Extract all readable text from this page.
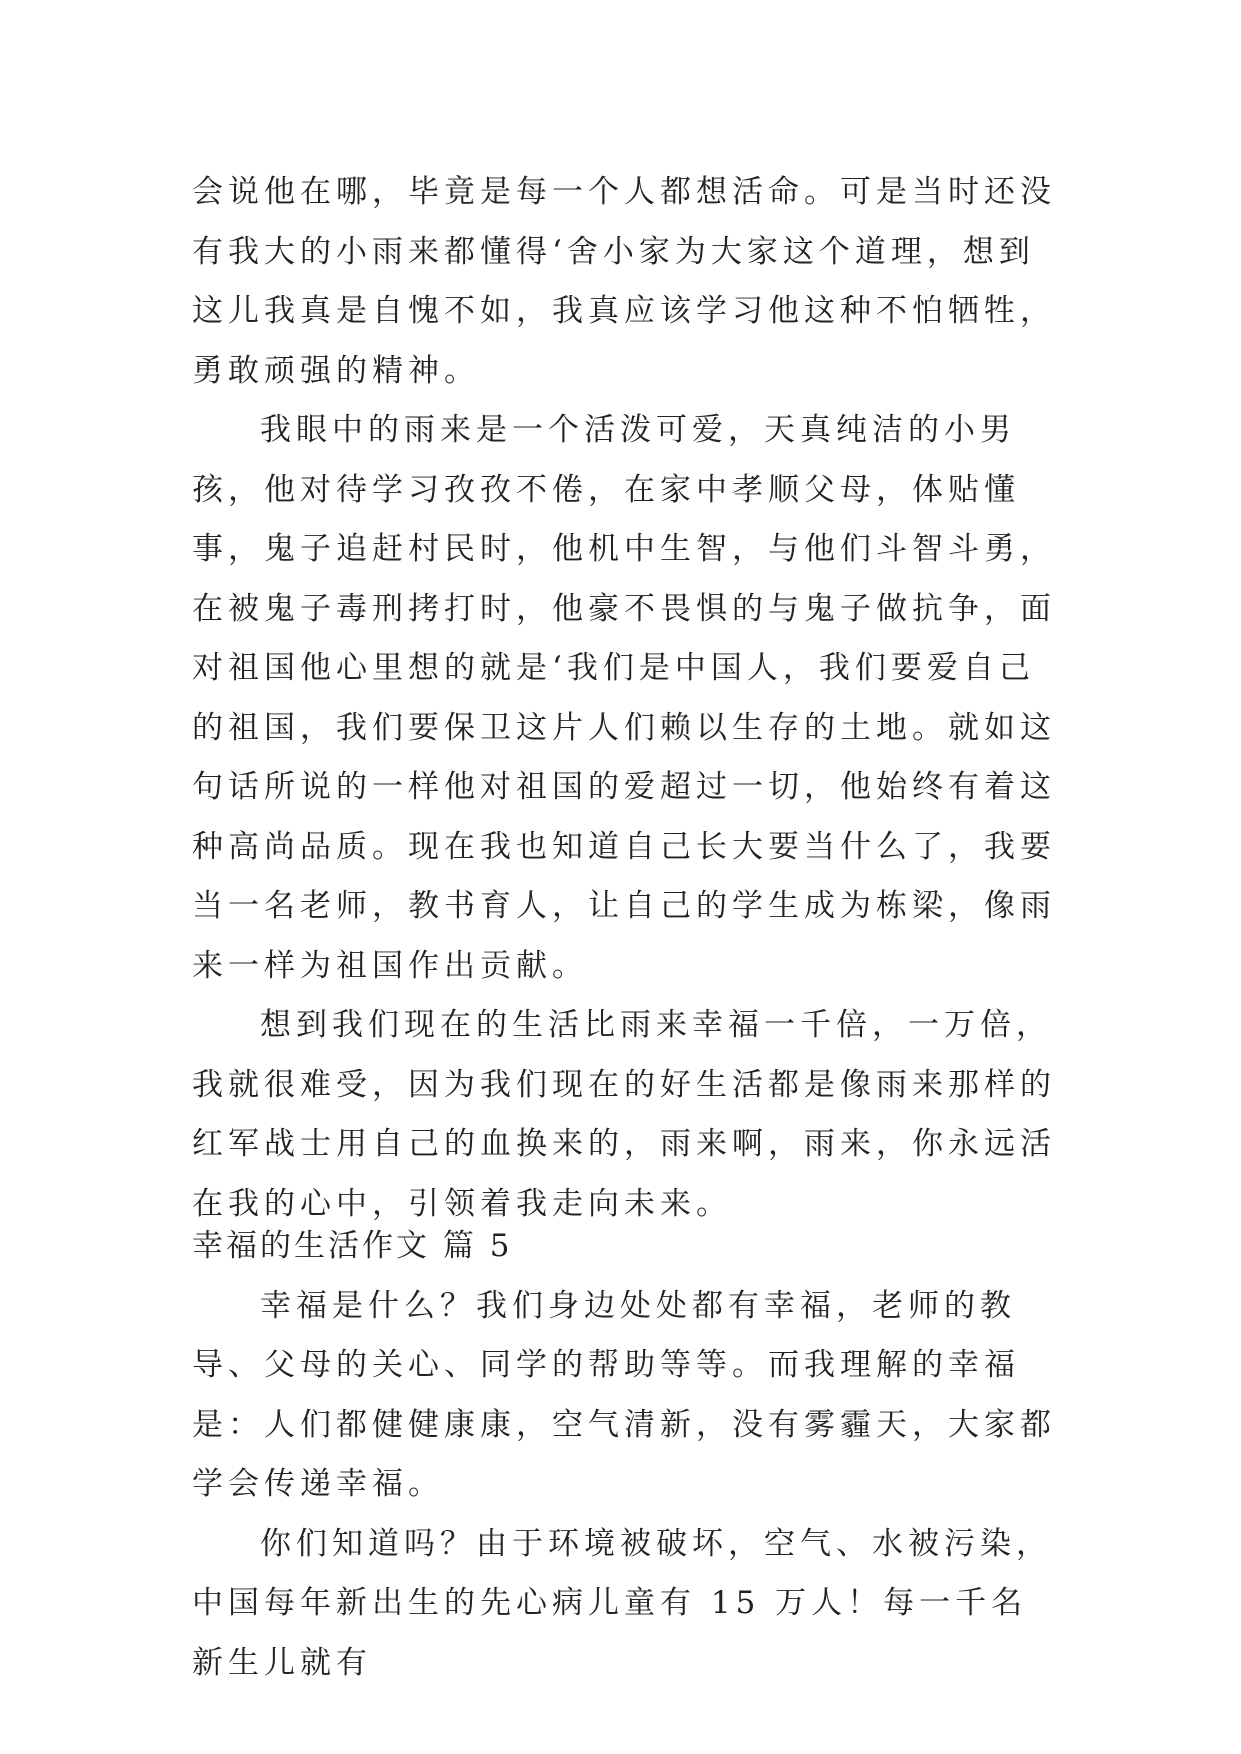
会说他在哪，毕竟是每一个人都想活命。可是当时还没有我大的小雨来都懂得‘舍小家为大家这个道理，想到这儿我真是自愧不如，我真应该学习他这种不怕牺牲，勇敢顽强的精神。

我眼中的雨来是一个活泼可爱，天真纯洁的小男孩，他对待学习孜孜不倦，在家中孝顺父母，体贴懂事，鬼子追赶村民时，他机中生智，与他们斗智斗勇，在被鬼子毒刑拷打时，他豪不畏惧的与鬼子做抗争，面对祖国他心里想的就是‘我们是中国人，我们要爱自己的祖国，我们要保卫这片人们赖以生存的土地。就如这句话所说的一样他对祖国的爱超过一切，他始终有着这种高尚品质。现在我也知道自己长大要当什么了，我要当一名老师，教书育人，让自己的学生成为栋梁，像雨来一样为祖国作出贡献。

想到我们现在的生活比雨来幸福一千倍，一万倍，我就很难受，因为我们现在的好生活都是像雨来那样的红军战士用自己的血换来的，雨来啊，雨来，你永远活在我的心中，引领着我走向未来。

幸福的生活作文 篇 5

幸福是什么？我们身边处处都有幸福，老师的教导、父母的关心、同学的帮助等等。而我理解的幸福是：人们都健健康康，空气清新，没有雾霾天，大家都学会传递幸福。

你们知道吗？由于环境被破坏，空气、水被污染，中国每年新出生的先心病儿童有 15 万人！每一千名新生儿就有
